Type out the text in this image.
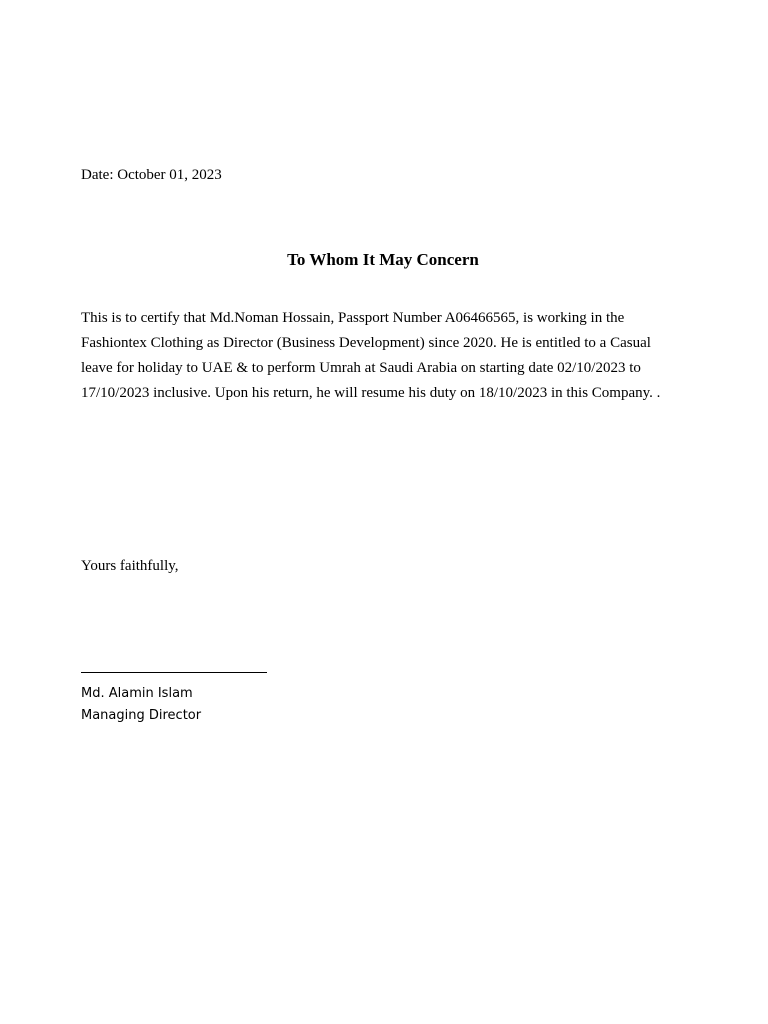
Date: October 01, 2023
To Whom It May Concern

This is to certify that Md.Noman Hossain, Passport Number A06466565, is working in the

Fashiontex Clothing as Director (Business Development) since 2020. He is entitled to a Casual

leave for holiday to UAE & to perform Umrah at Saudi Arabia on starting date 02/10/2023 to

17/10/2023 inclusive. Upon his return, he will resume his duty on 18/10/2023 in this Company. .

Yours faithfully,
Md. Alamin Islam
Managing Director
